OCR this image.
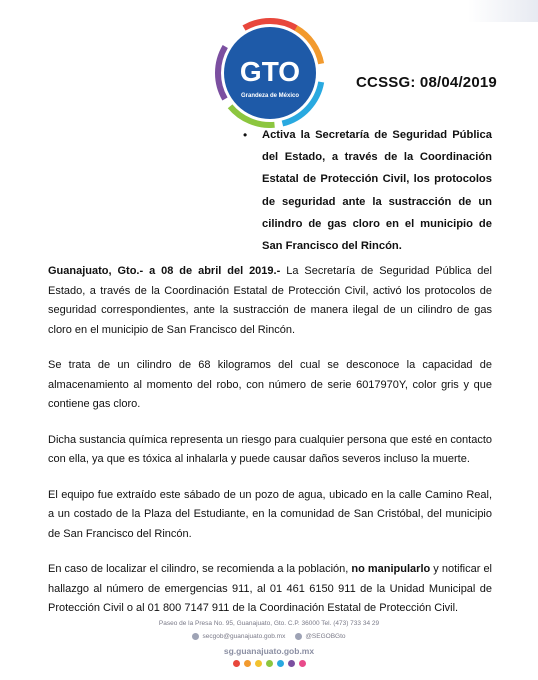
GTO
Grandeza de México
CCSSG: 08/04/2019
• Activa la Secretaría de Seguridad Pública del Estado, a través de la Coordinación Estatal de Protección Civil, los protocolos de seguridad ante la sustracción de un cilindro de gas cloro en el municipio de San Francisco del Rincón.

Guanajuato, Gto.- a 08 de abril del 2019.- La Secretaría de Seguridad Pública del Estado, a través de la Coordinación Estatal de Protección Civil, activó los protocolos de seguridad correspondientes, ante la sustracción de manera ilegal de un cilindro de gas cloro en el municipio de San Francisco del Rincón.

Se trata de un cilindro de 68 kilogramos del cual se desconoce la capacidad de almacenamiento al momento del robo, con número de serie 6017970Y, color gris y que contiene gas cloro.

Dicha sustancia química representa un riesgo para cualquier persona que esté en contacto con ella, ya que es tóxica al inhalarla y puede causar daños severos incluso la muerte.

El equipo fue extraído este sábado de un pozo de agua, ubicado en la calle Camino Real, a un costado de la Plaza del Estudiante, en la comunidad de San Cristóbal, del municipio de San Francisco del Rincón.

En caso de localizar el cilindro, se recomienda a la población, no manipularlo y notificar el hallazgo al número de emergencias 911, al 01 461 6150 911 de la Unidad Municipal de Protección Civil o al 01 800 7147 911 de la Coordinación Estatal de Protección Civil.

Paseo de la Presa No. 95, Guanajuato, Gto. C.P. 36000 Tel. (473) 733 34 29
secgob@guanajuato.gob.mx	@SEGOBGto
sg.guanajuato.gob.mx
